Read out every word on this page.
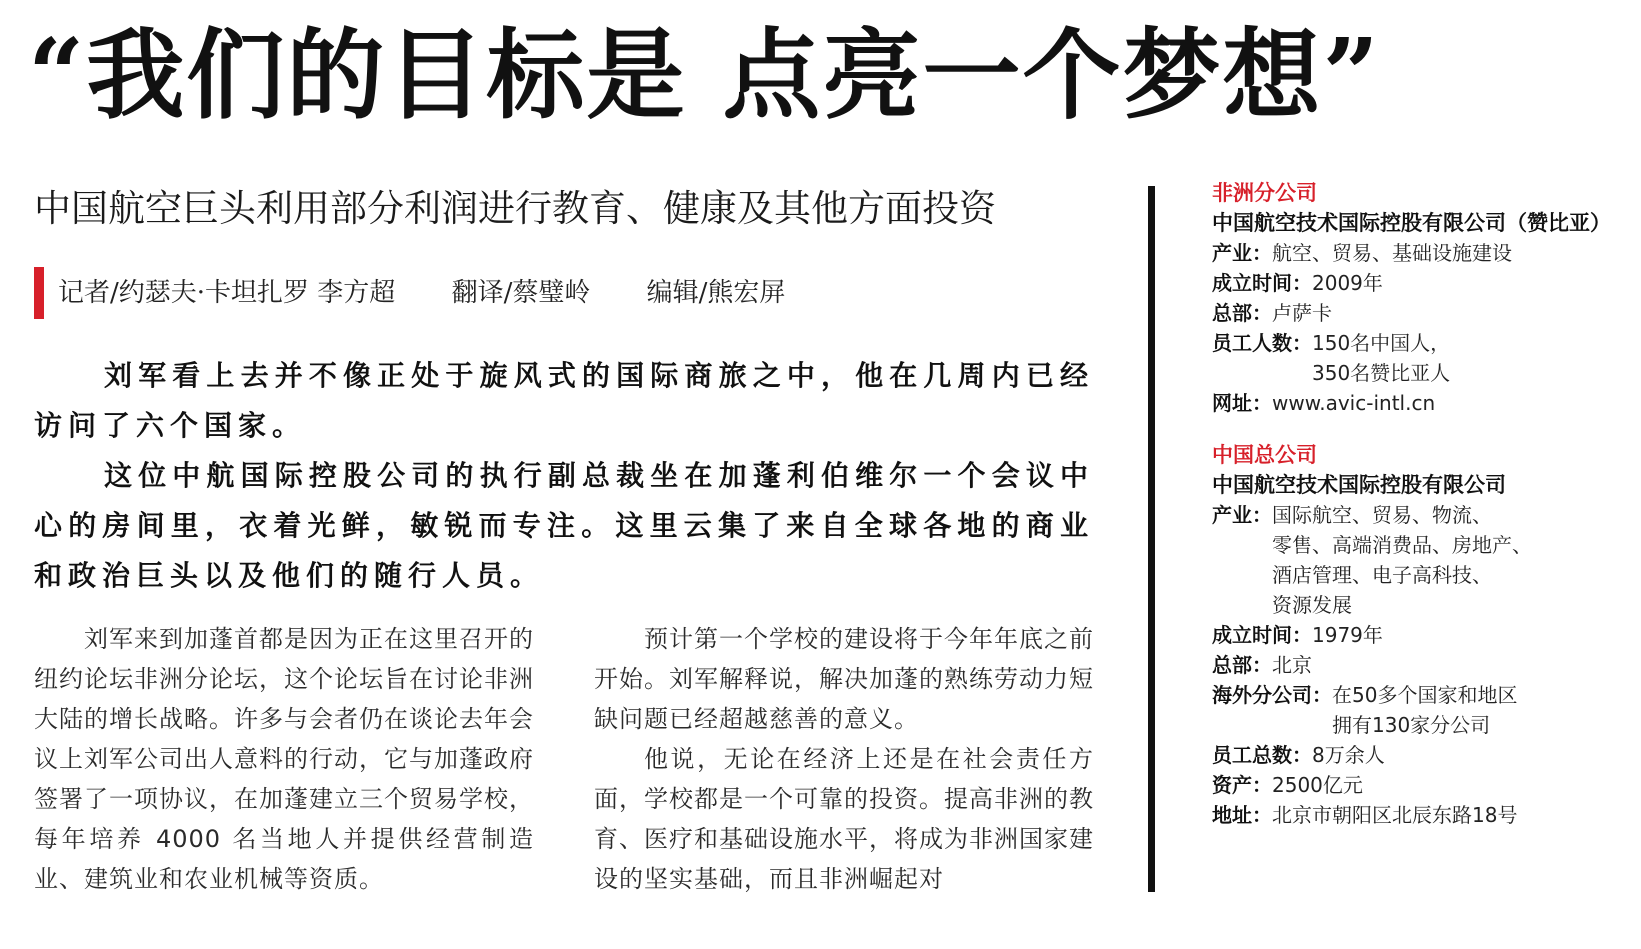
“我们的目标是 点亮一个梦想”
中国航空巨头利用部分利润进行教育、健康及其他方面投资
记者/约瑟夫·卡坦扎罗 李方超 翻译/蔡璧岭 编辑/熊宏屏

刘军看上去并不像正处于旋风式的国际商旅之中，他在几周内已经访问了六个国家。

这位中航国际控股公司的执行副总裁坐在加蓬利伯维尔一个会议中心的房间里，衣着光鲜，敏锐而专注。这里云集了来自全球各地的商业和政治巨头以及他们的随行人员。

刘军来到加蓬首都是因为正在这里召开的纽约论坛非洲分论坛，这个论坛旨在讨论非洲大陆的增长战略。许多与会者仍在谈论去年会议上刘军公司出人意料的行动，它与加蓬政府签署了一项协议，在加蓬建立三个贸易学校，每年培养 4000 名当地人并提供经营制造业、建筑业和农业机械等资质。

预计第一个学校的建设将于今年年底之前开始。刘军解释说，解决加蓬的熟练劳动力短缺问题已经超越慈善的意义。

他说，无论在经济上还是在社会责任方面，学校都是一个可靠的投资。提高非洲的教育、医疗和基础设施水平，将成为非洲国家建设的坚实基础，而且非洲崛起对

非洲分公司
中国航空技术国际控股有限公司（赞比亚）
产业： 航空、贸易、基础设施建设
成立时间： 2009年
总部： 卢萨卡
员工人数： 150名中国人，
350名赞比亚人
网址： www.avic-intl.cn
中国总公司
中国航空技术国际控股有限公司
产业： 国际航空、贸易、物流、
零售、高端消费品、房地产、
酒店管理、电子高科技、
资源发展
成立时间： 1979年
总部： 北京
海外分公司： 在50多个国家和地区
拥有130家分公司
员工总数： 8万余人
资产： 2500亿元
地址： 北京市朝阳区北辰东路18号
